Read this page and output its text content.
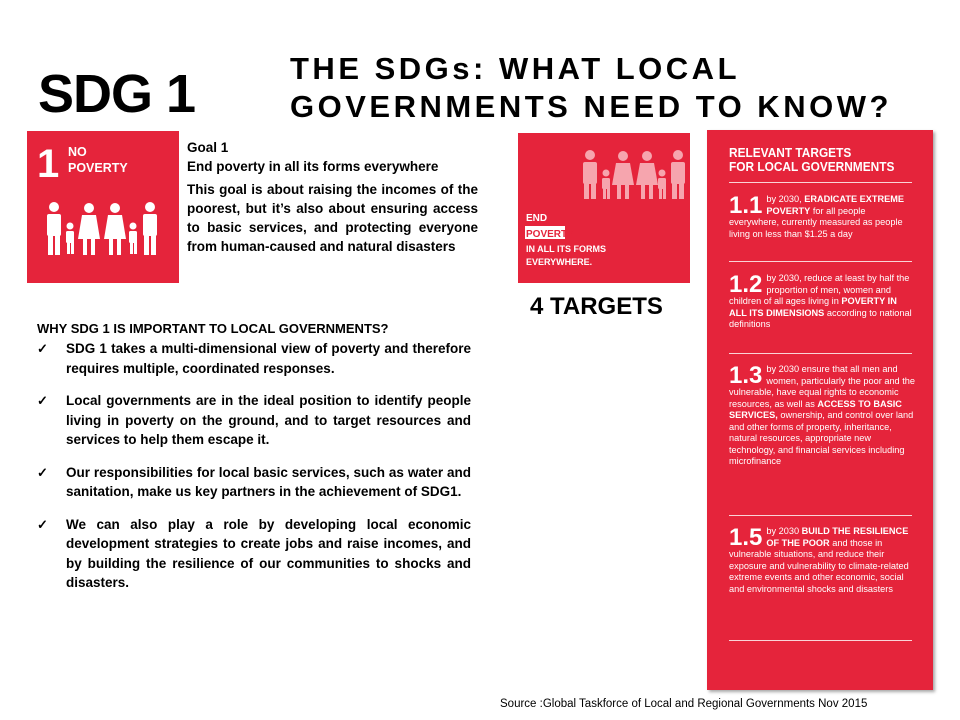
SDG 1	THE SDGs: WHAT LOCAL
GOVERNMENTS NEED TO KNOW?
1 NO
POVERTY

Goal 1
End poverty in all its forms everywhere

This goal is about raising the incomes of the poorest, but it’s also about ensuring access to basic services, and protecting everyone from human-caused and natural disasters

WHY SDG 1 IS IMPORTANT TO LOCAL GOVERNMENTS?
✓ SDG 1 takes a multi-dimensional view of poverty and therefore requires multiple, coordinated responses.
✓ Local governments are in the ideal position to identify people living in poverty on the ground, and to target resources and services to help them escape it.
✓ Our responsibilities for local basic services, such as water and sanitation, make us key partners in the achievement of SDG1.
✓ We can also play a role by developing local economic development strategies to create jobs and raise incomes, and by building the resilience of our communities to shocks and disasters.
END
POVERTY
IN ALL ITS FORMS
EVERYWHERE.
4 TARGETS
RELEVANT TARGETS
FOR LOCAL GOVERNMENTS
1.1 by 2030, ERADICATE EXTREME POVERTY for all people everywhere, currently measured as people living on less than $1.25 a day
1.2 by 2030, reduce at least by half the proportion of men, women and children of all ages living in POVERTY IN ALL ITS DIMENSIONS according to national definitions
1.3 by 2030 ensure that all men and women, particularly the poor and the vulnerable, have equal rights to economic resources, as well as ACCESS TO BASIC SERVICES, ownership, and control over land and other forms of property, inheritance, natural resources, appropriate new technology, and financial services including microfinance
1.5 by 2030 BUILD THE RESILIENCE OF THE POOR and those in vulnerable situations, and reduce their exposure and vulnerability to climate-related extreme events and other economic, social and environmental shocks and disasters
Source :Global Taskforce of Local and Regional Governments Nov 2015
